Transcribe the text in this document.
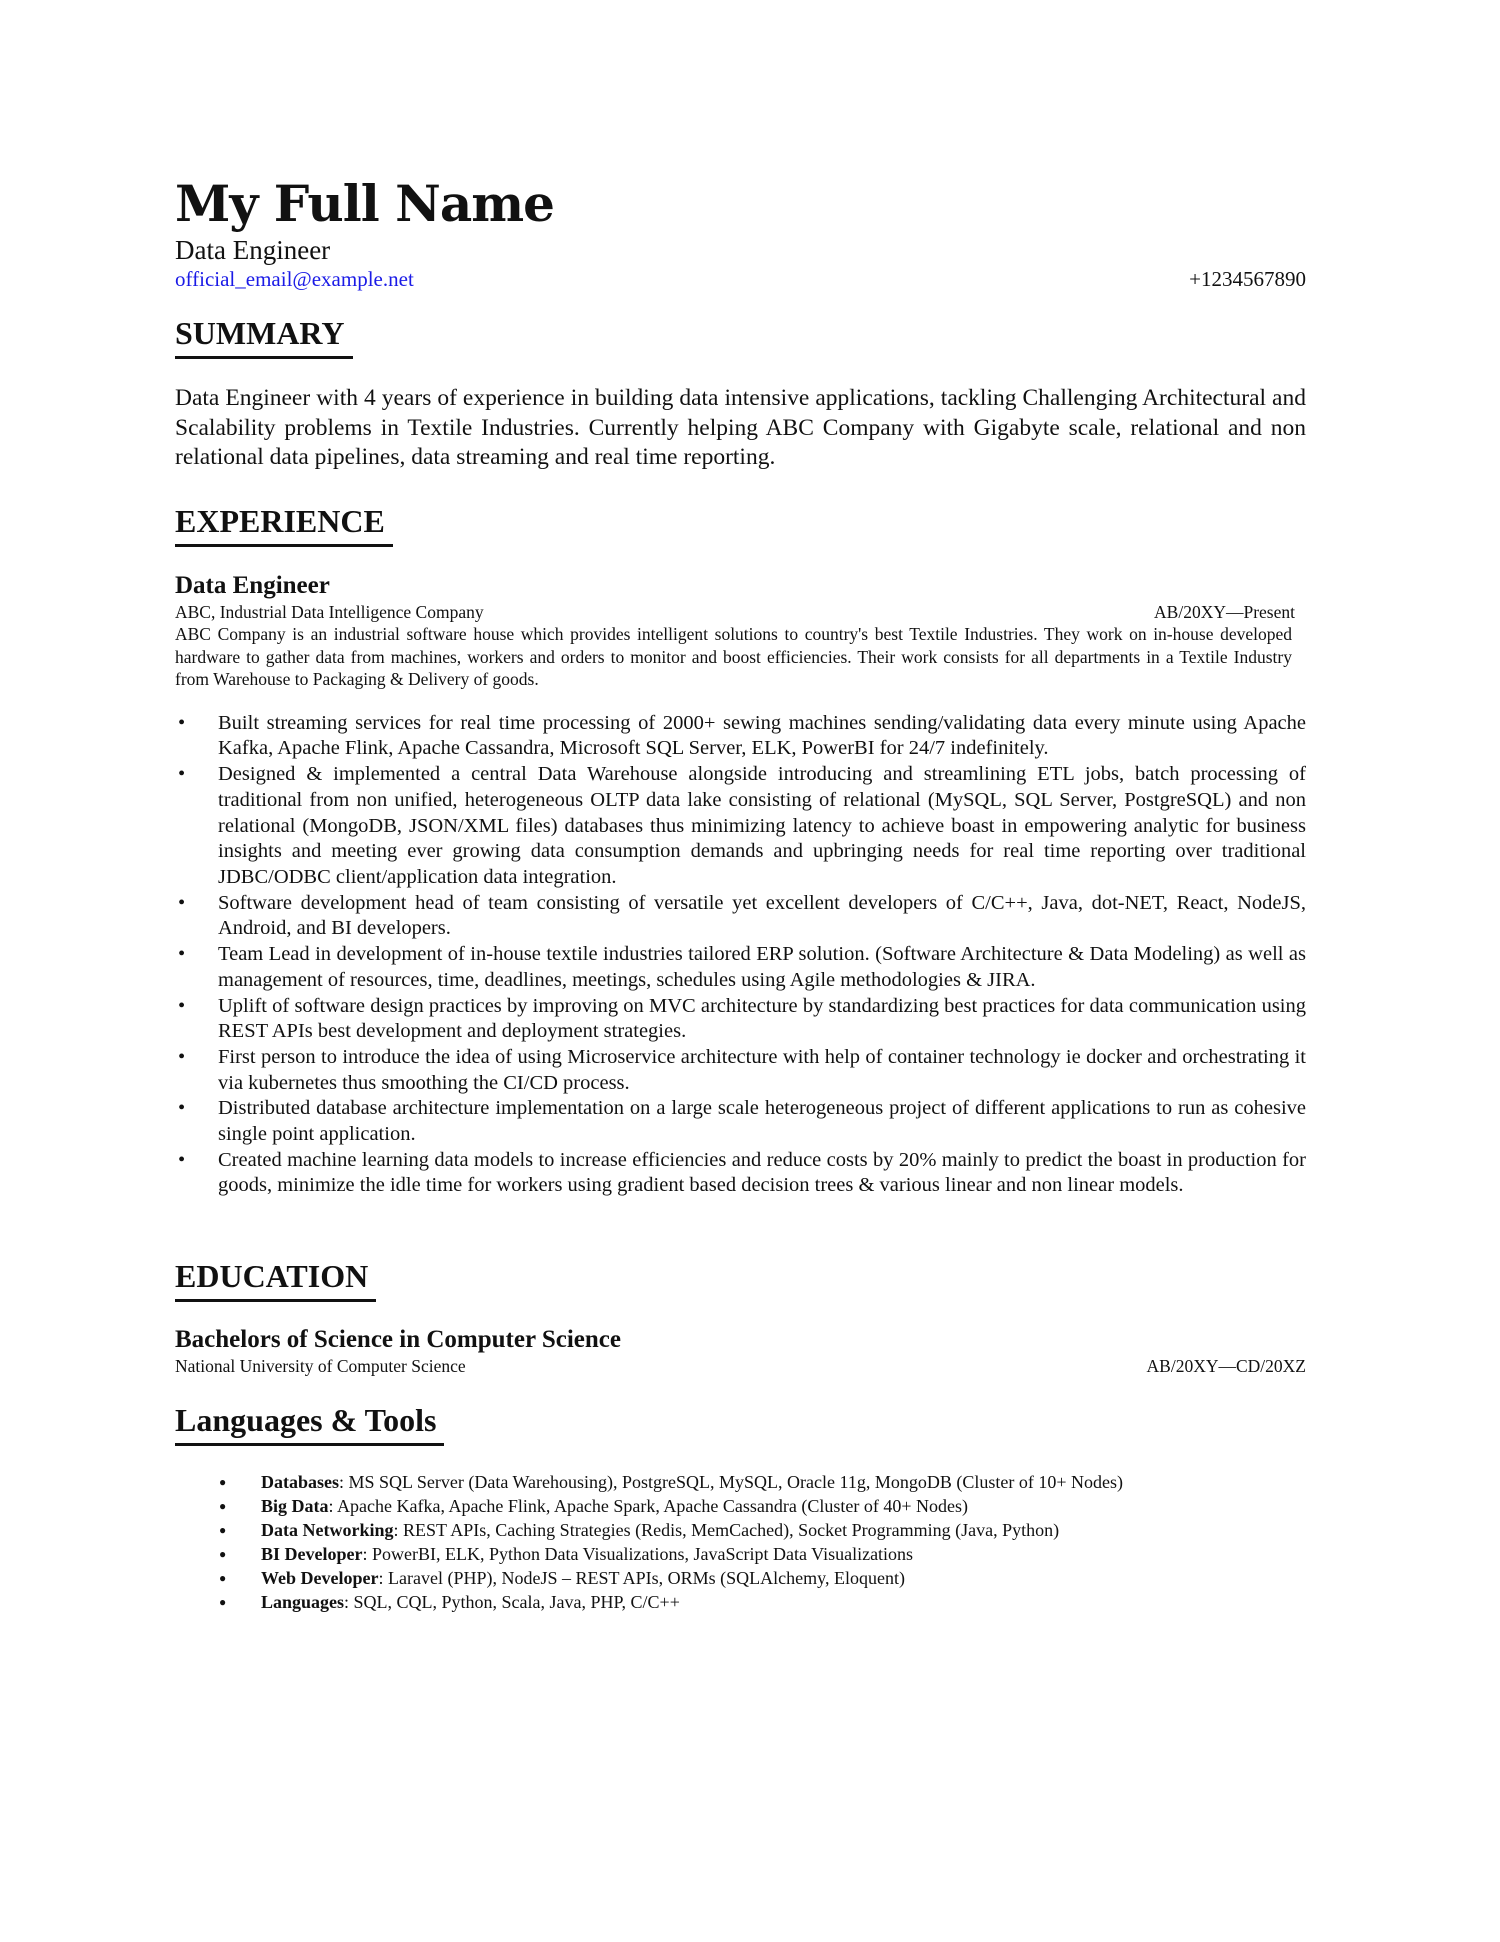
My Full Name
Data Engineer
official_email@example.net	+1234567890
SUMMARY
Data Engineer with 4 years of experience in building data intensive applications, tackling Challenging Architectural and Scalability problems in Textile Industries. Currently helping ABC Company with Gigabyte scale, relational and non relational data pipelines, data streaming and real time reporting.
EXPERIENCE
Data Engineer
ABC, Industrial Data Intelligence Company	AB/20XY—Present
ABC Company is an industrial software house which provides intelligent solutions to country's best Textile Industries. They work on in-house developed hardware to gather data from machines, workers and orders to monitor and boost efficiencies. Their work consists for all departments in a Textile Industry from Warehouse to Packaging & Delivery of goods.
• Built streaming services for real time processing of 2000+ sewing machines sending/validating data every minute using Apache Kafka, Apache Flink, Apache Cassandra, Microsoft SQL Server, ELK, PowerBI for 24/7 indefinitely.
• Designed & implemented a central Data Warehouse alongside introducing and streamlining ETL jobs, batch processing of traditional from non unified, heterogeneous OLTP data lake consisting of relational (MySQL, SQL Server, PostgreSQL) and non relational (MongoDB, JSON/XML files) databases thus minimizing latency to achieve boast in empowering analytic for business insights and meeting ever growing data consumption demands and upbringing needs for real time reporting over traditional JDBC/ODBC client/application data integration.
• Software development head of team consisting of versatile yet excellent developers of C/C++, Java, dot-NET, React, NodeJS, Android, and BI developers.
• Team Lead in development of in-house textile industries tailored ERP solution. (Software Architecture & Data Modeling) as well as management of resources, time, deadlines, meetings, schedules using Agile methodologies & JIRA.
• Uplift of software design practices by improving on MVC architecture by standardizing best practices for data communication using REST APIs best development and deployment strategies.
• First person to introduce the idea of using Microservice architecture with help of container technology ie docker and orchestrating it via kubernetes thus smoothing the CI/CD process.
• Distributed database architecture implementation on a large scale heterogeneous project of different applications to run as cohesive single point application.
• Created machine learning data models to increase efficiencies and reduce costs by 20% mainly to predict the boast in production for goods, minimize the idle time for workers using gradient based decision trees & various linear and non linear models.
EDUCATION
Bachelors of Science in Computer Science
National University of Computer Science	AB/20XY—CD/20XZ
Languages & Tools
● Databases: MS SQL Server (Data Warehousing), PostgreSQL, MySQL, Oracle 11g, MongoDB (Cluster of 10+ Nodes)
● Big Data: Apache Kafka, Apache Flink, Apache Spark, Apache Cassandra (Cluster of 40+ Nodes)
● Data Networking: REST APIs, Caching Strategies (Redis, MemCached), Socket Programming (Java, Python)
● BI Developer: PowerBI, ELK, Python Data Visualizations, JavaScript Data Visualizations
● Web Developer: Laravel (PHP), NodeJS – REST APIs, ORMs (SQLAlchemy, Eloquent)
● Languages: SQL, CQL, Python, Scala, Java, PHP, C/C++
